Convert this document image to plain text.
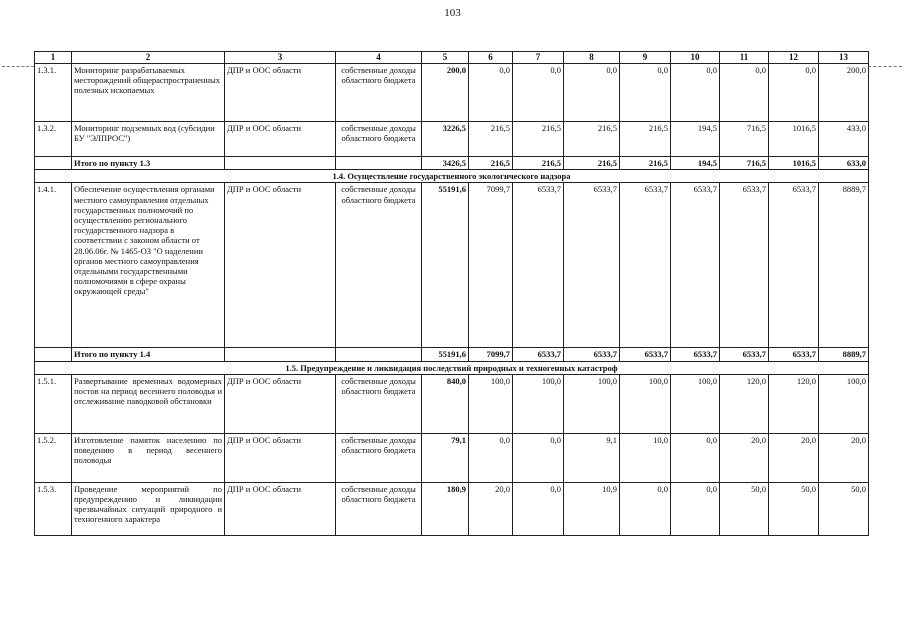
103
1	2	3	4	5	6	7	8	9	10	11	12	13
1.3.1.	Мониторинг разрабатываемых месторождений общераспространенных полезных ископаемых	ДПР и ООС области	собственные доходы областного бюджета	200,0	0,0	0,0	0,0	0,0	0,0	0,0	0,0	200,0
1.3.2.	Мониторинг подземных вод (субсидии БУ "ЭЛПРОС")	ДПР и ООС области	собственные доходы областного бюджета	3226,5	216,5	216,5	216,5	216,5	194,5	716,5	1016,5	433,0
	Итого по пункту 1.3			3426,5	216,5	216,5	216,5	216,5	194,5	716,5	1016,5	633,0
1.4. Осуществление государственного экологического надзора												
1.4.1.	Обеспечение осуществления органами местного самоуправления отдельных государственных полномочий по осуществлению регионального государственного надзора в соответствии с законом области от 28.06.06г. № 1465-ОЗ "О наделении органов местного самоуправления отдельными государственными полномочиями в сфере охраны окружающей среды"	ДПР и ООС области	собственные доходы областного бюджета	55191,6	7099,7	6533,7	6533,7	6533,7	6533,7	6533,7	6533,7	8889,7
	Итого по пункту 1.4			55191,6	7099,7	6533,7	6533,7	6533,7	6533,7	6533,7	6533,7	8889,7
1.5. Предупреждение и ликвидация последствий природных и техногенных катастроф												
1.5.1.	Развертывание временных водомерных постов на период весеннего половодья и отслеживание паводковой обстановки	ДПР и ООС области	собственные доходы областного бюджета	840,0	100,0	100,0	100,0	100,0	100,0	120,0	120,0	100,0
1.5.2.	Изготовление памяток населению по поведению в период весеннего половодья	ДПР и ООС области	собственные доходы областного бюджета	79,1	0,0	0,0	9,1	10,0	0,0	20,0	20,0	20,0
1.5.3.	Проведение мероприятий по предупреждению и ликвидации чрезвычайных ситуаций природного и техногенного характера	ДПР и ООС области	собственные доходы областного бюджета	180,9	20,0	0,0	10,9	0,0	0,0	50,0	50,0	50,0
